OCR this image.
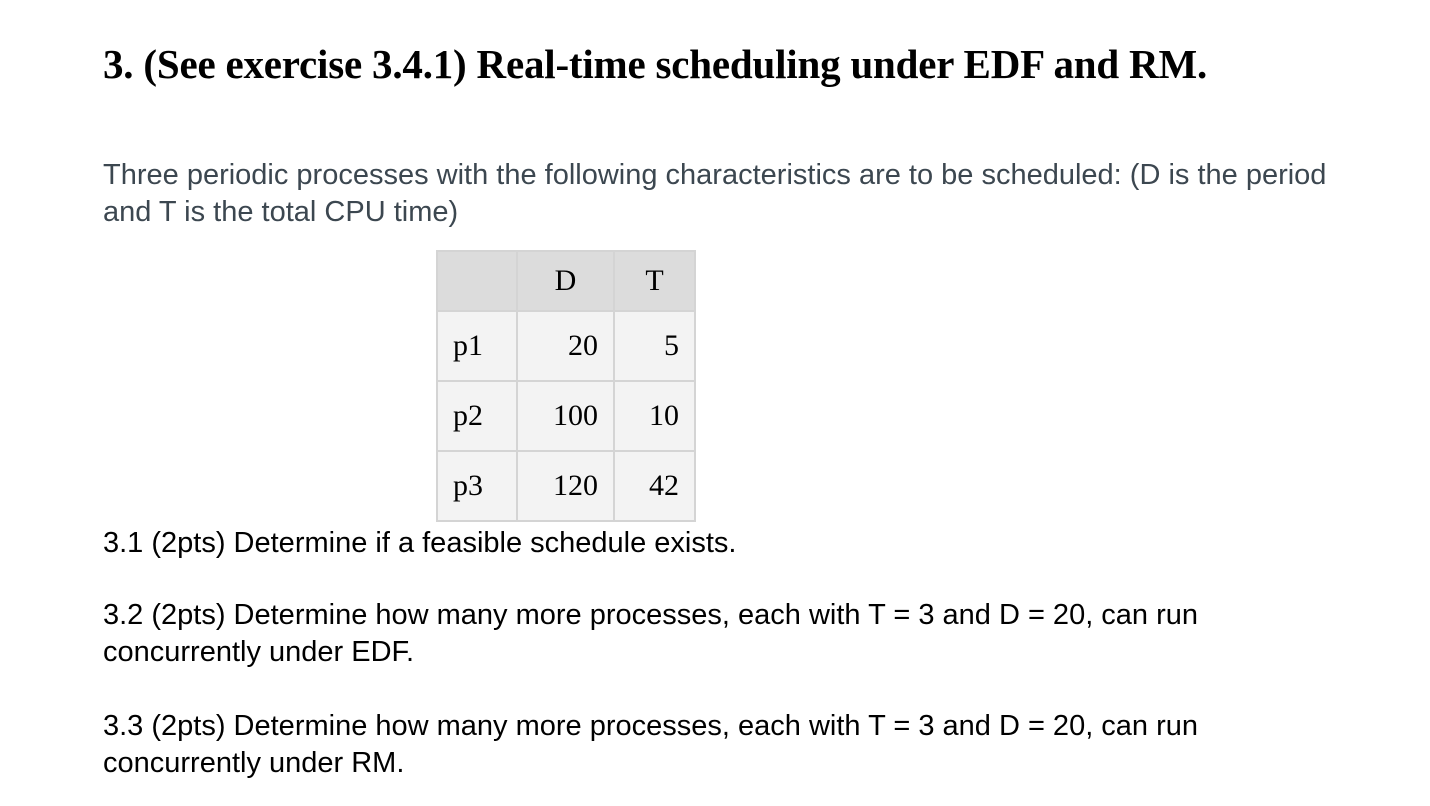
3. (See exercise 3.4.1) Real-time scheduling under EDF and RM.

Three periodic processes with the following characteristics are to be scheduled: (D is the period and T is the total CPU time)

	D	T
p1	20	5
p2	100	10
p3	120	42

3.1 (2pts) Determine if a feasible schedule exists.

3.2 (2pts) Determine how many more processes, each with T = 3 and D = 20, can run concurrently under EDF.

3.3 (2pts) Determine how many more processes, each with T = 3 and D = 20, can run concurrently under RM.
